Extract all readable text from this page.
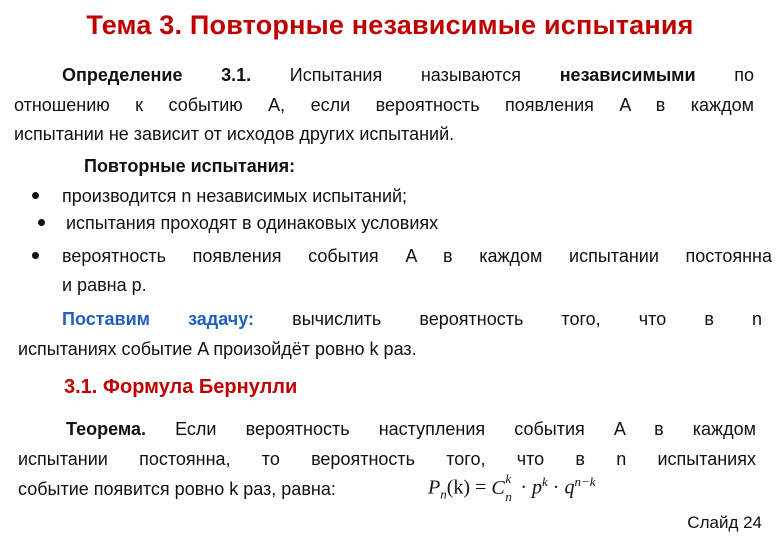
Тема 3. Повторные независимые испытания
Определение 3.1. Испытания называются независимыми по
отношению к событию A, если вероятность появления A в каждом
испытании не зависит от исходов других испытаний.
Повторные испытания:
производится n независимых испытаний;
испытания проходят в одинаковых условиях
вероятность появления события A в каждом испытании постоянна
и равна p.
Поставим задачу: вычислить вероятность того, что в n
испытаниях событие A произойдёт ровно k раз.
3.1. Формула Бернулли
Теорема. Если вероятность наступления события A в каждом
испытании постоянна, то вероятность того, что в n испытаниях
событие появится ровно k раз, равна:	$P_n(k) = C$ k
$n \cdot p^k \cdot q^{n-k}$
Слайд 24
